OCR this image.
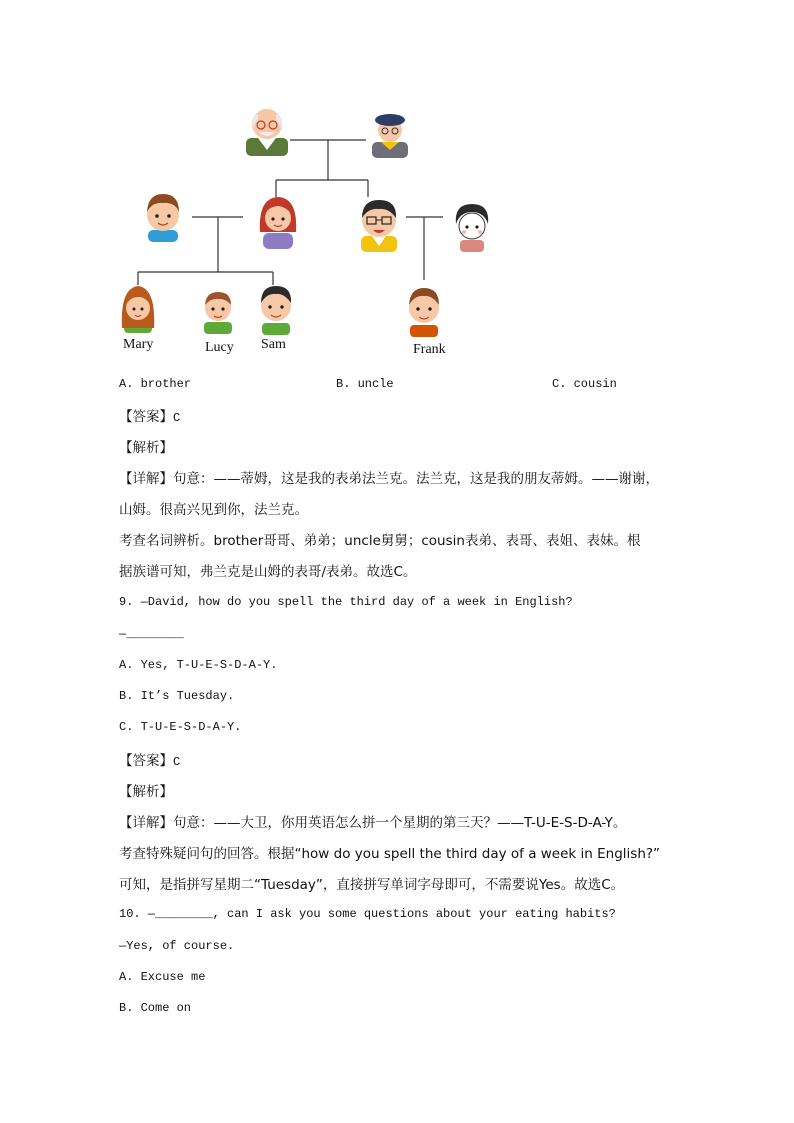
Mary	Lucy Sam	Frank
A. brother	B. uncle	C. cousin
【答案】C
【解析】
【详解】句意：——蒂姆，这是我的表弟法兰克。法兰克，这是我的朋友蒂姆。——谢谢，
山姆。很高兴见到你，法兰克。
考查名词辨析。brother哥哥、弟弟；uncle舅舅；cousin表弟、表哥、表姐、表妹。根
据族谱可知，弗兰克是山姆的表哥/表弟。故选C。
9. —David, how do you spell the third day of a week in English?
—________
A. Yes, T-U-E-S-D-A-Y.
B. It’s Tuesday.
C. T-U-E-S-D-A-Y.
【答案】C
【解析】
【详解】句意：——大卫，你用英语怎么拼一个星期的第三天？——T-U-E-S-D-A-Y。
考查特殊疑问句的回答。根据“how do you spell the third day of a week in English?”
可知，是指拼写星期二“Tuesday”，直接拼写单词字母即可，不需要说Yes。故选C。
10. —________, can I ask you some questions about your eating habits?
—Yes, of course.
A. Excuse me
B. Come on
